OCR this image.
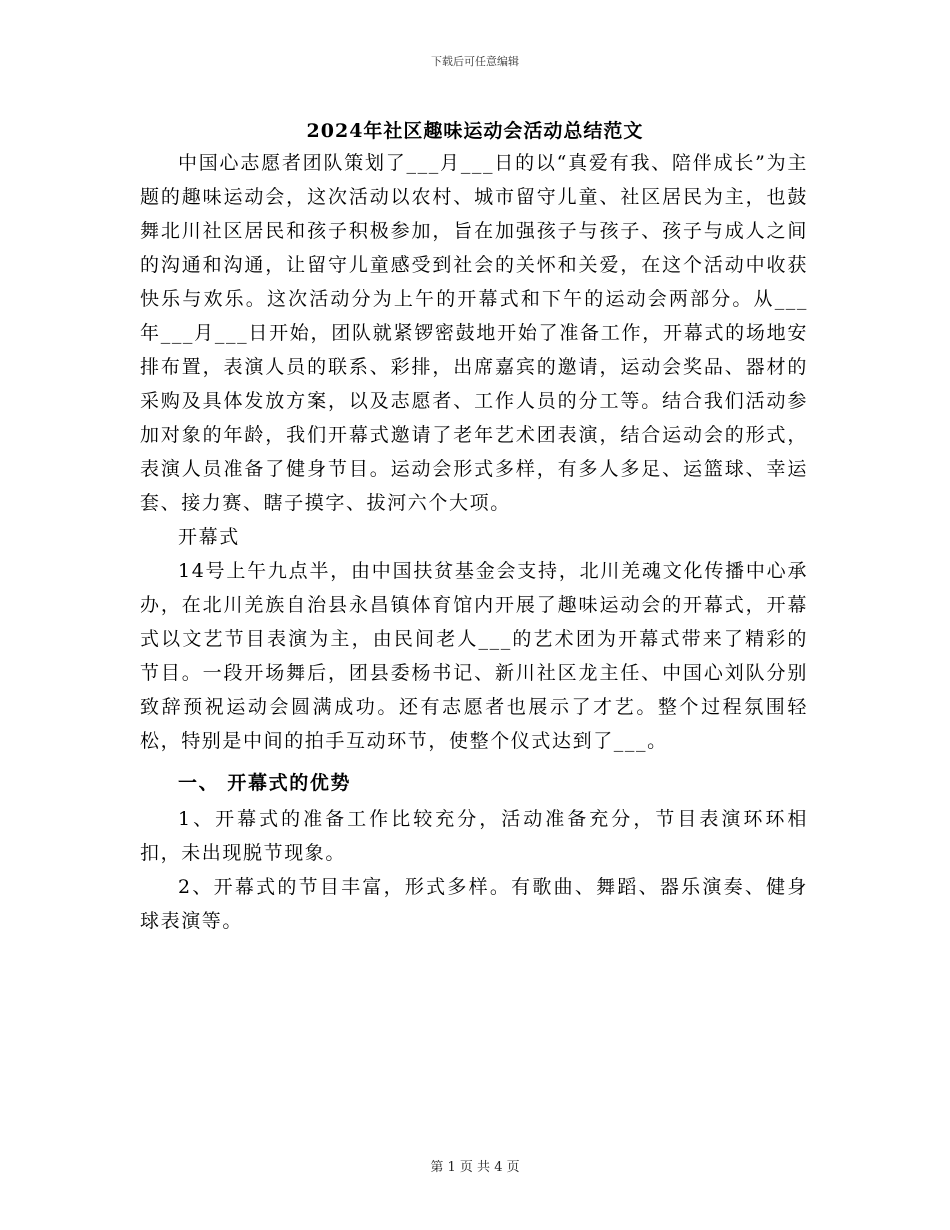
下载后可任意编辑
2024年社区趣味运动会活动总结范文

中国心志愿者团队策划了___月___日的以“真爱有我、陪伴成长”为主题的趣味运动会，这次活动以农村、城市留守儿童、社区居民为主，也鼓舞北川社区居民和孩子积极参加，旨在加强孩子与孩子、孩子与成人之间的沟通和沟通，让留守儿童感受到社会的关怀和关爱，在这个活动中收获快乐与欢乐。这次活动分为上午的开幕式和下午的运动会两部分。从___年___月___日开始，团队就紧锣密鼓地开始了准备工作，开幕式的场地安排布置，表演人员的联系、彩排，出席嘉宾的邀请，运动会奖品、器材的采购及具体发放方案，以及志愿者、工作人员的分工等。结合我们活动参加对象的年龄，我们开幕式邀请了老年艺术团表演，结合运动会的形式，表演人员准备了健身节目。运动会形式多样，有多人多足、运篮球、幸运套、接力赛、瞎子摸字、拔河六个大项。

开幕式

14号上午九点半，由中国扶贫基金会支持，北川羌魂文化传播中心承办，在北川羌族自治县永昌镇体育馆内开展了趣味运动会的开幕式，开幕式以文艺节目表演为主，由民间老人___的艺术团为开幕式带来了精彩的节目。一段开场舞后，团县委杨书记、新川社区龙主任、中国心刘队分别致辞预祝运动会圆满成功。还有志愿者也展示了才艺。整个过程氛围轻松，特别是中间的拍手互动环节，使整个仪式达到了___。

一、 开幕式的优势

1、开幕式的准备工作比较充分，活动准备充分，节目表演环环相扣，未出现脱节现象。

2、开幕式的节目丰富，形式多样。有歌曲、舞蹈、器乐演奏、健身球表演等。

第 1 页 共 4 页
